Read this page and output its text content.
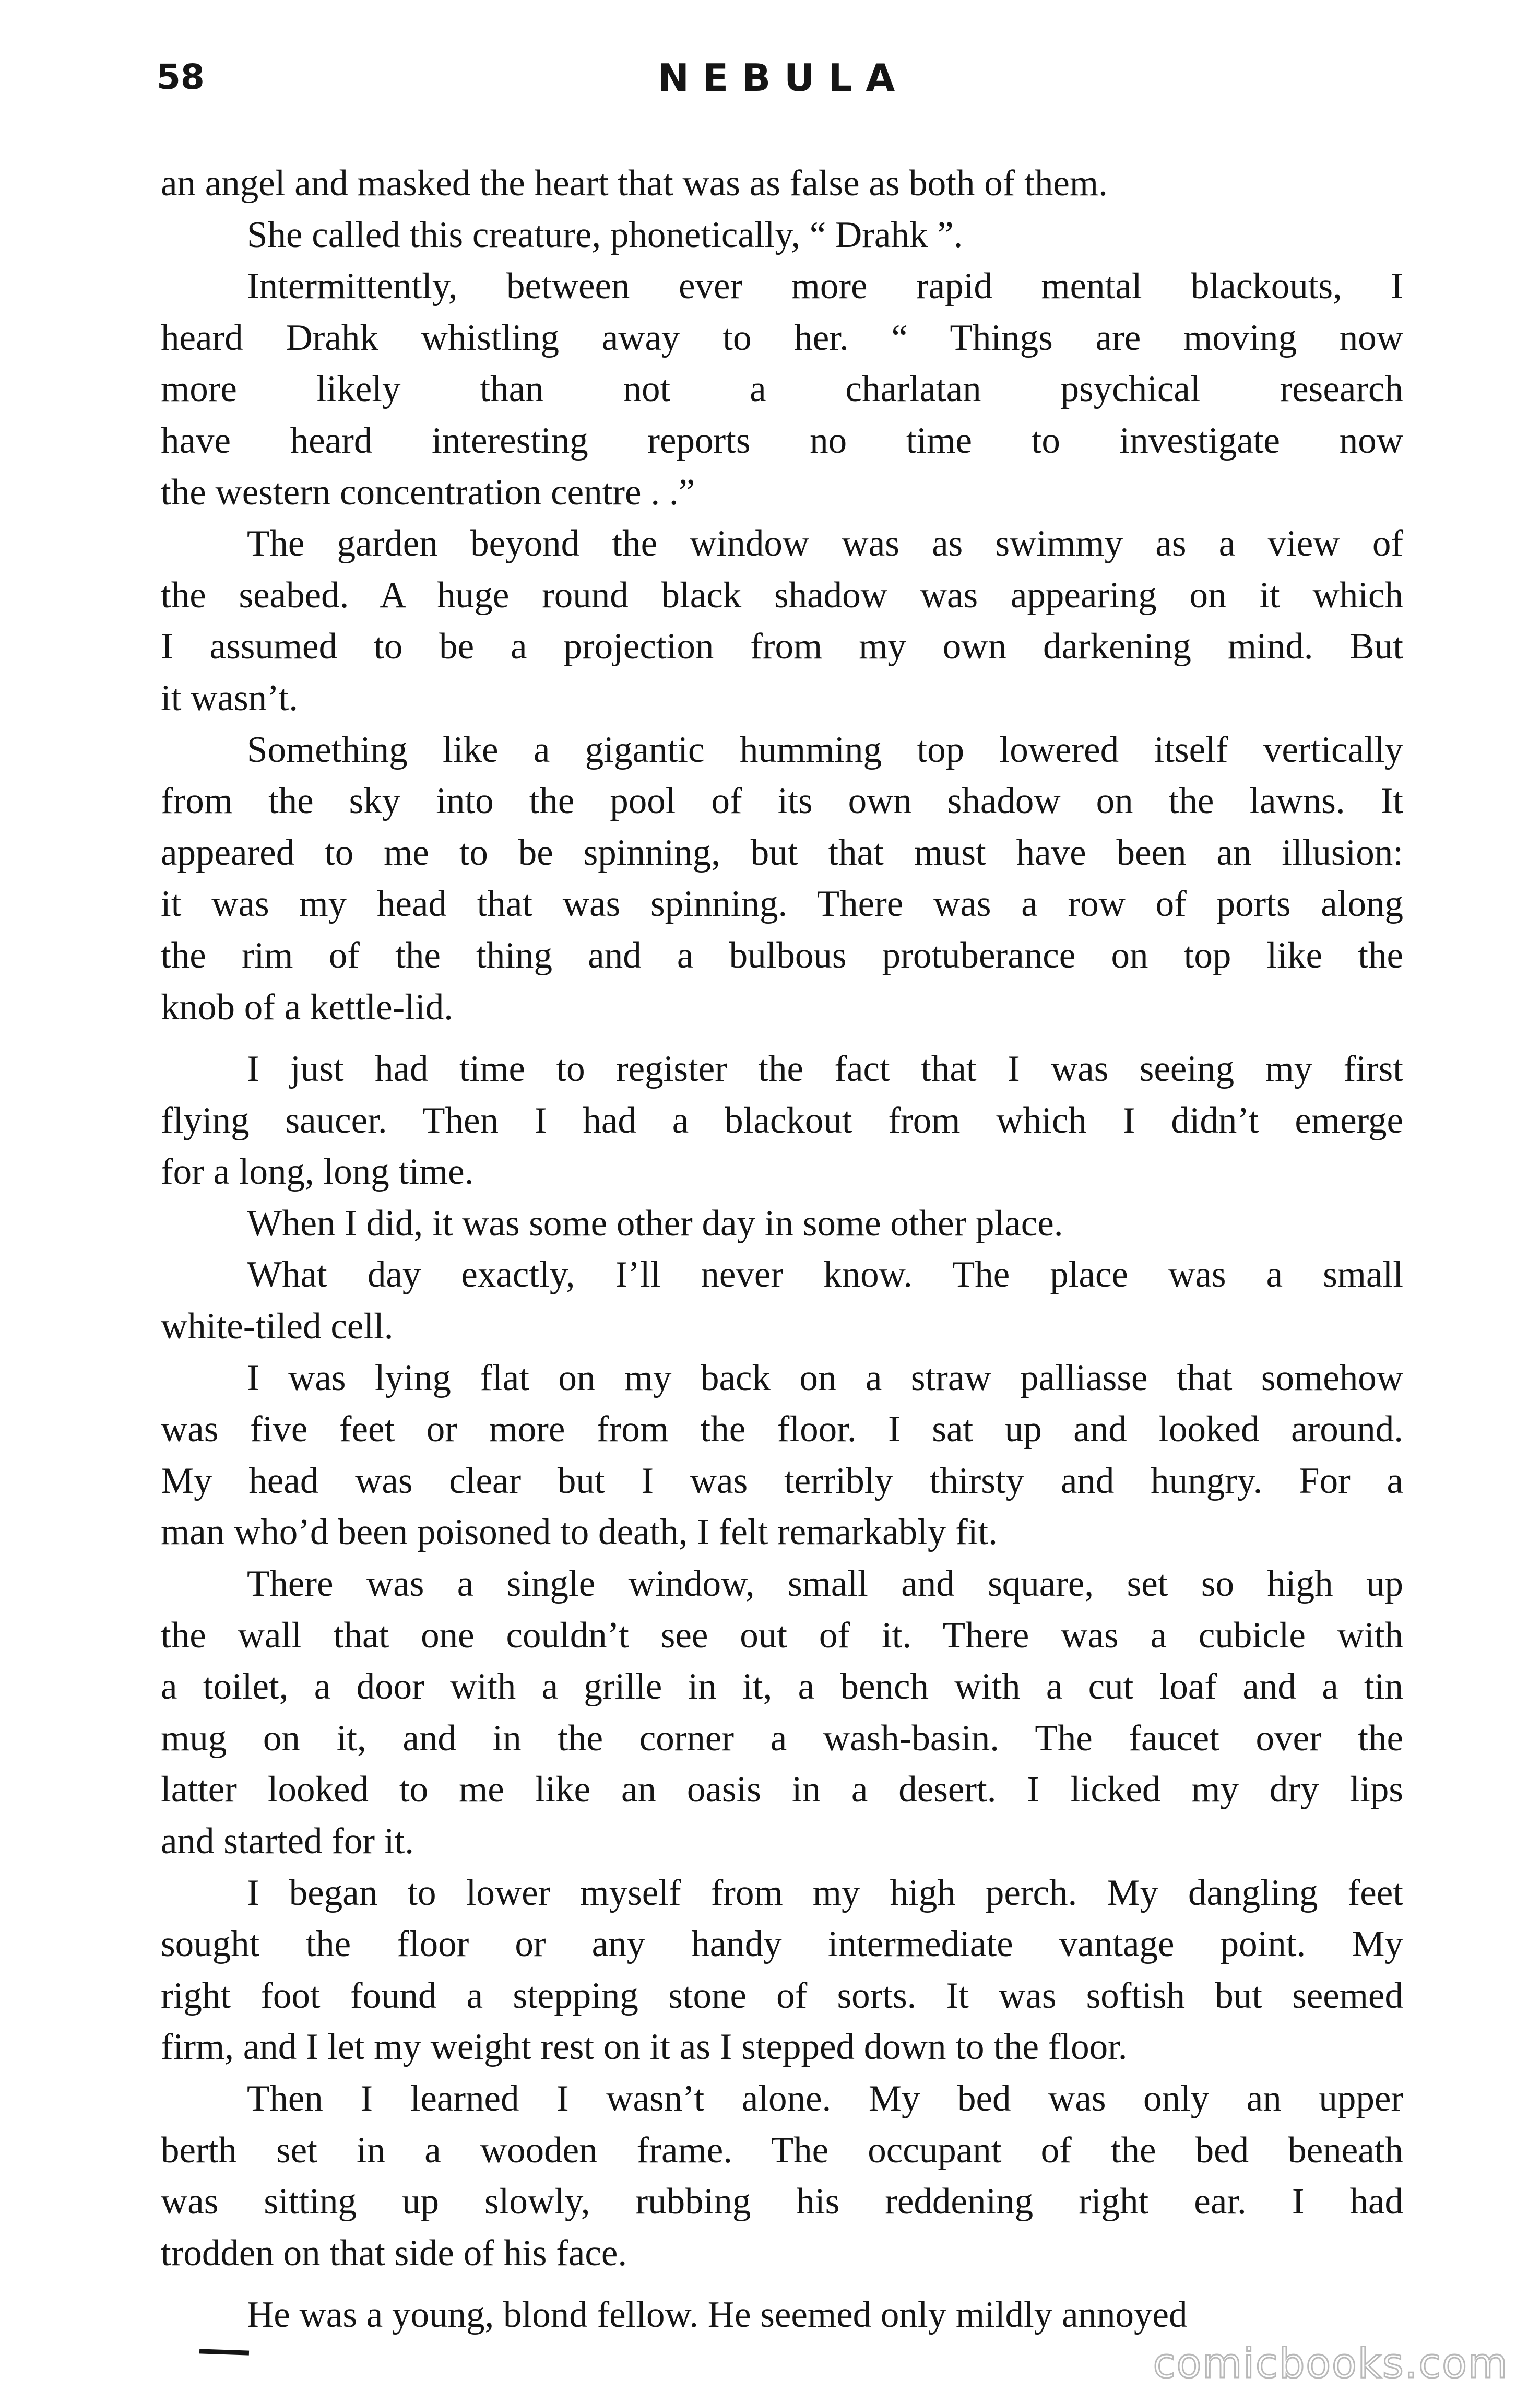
58	NEBULA

an angel and masked the heart that was as false as both of them.

She called this creature, phonetically, “ Drahk ”.

Intermittently, between ever more rapid mental blackouts, I
heard Drahk whistling away to her. “ Things are moving now
more likely than not a charlatan psychical research
have heard interesting reports no time to investigate now
the western concentration centre . .”

The garden beyond the window was as swimmy as a view of
the seabed. A huge round black shadow was appearing on it which
I assumed to be a projection from my own darkening mind. But
it wasn’t.

Something like a gigantic humming top lowered itself vertically
from the sky into the pool of its own shadow on the lawns. It
appeared to me to be spinning, but that must have been an illusion:
it was my head that was spinning. There was a row of ports along
the rim of the thing and a bulbous protuberance on top like the
knob of a kettle-lid.

I just had time to register the fact that I was seeing my first
flying saucer. Then I had a blackout from which I didn’t emerge
for a long, long time.

When I did, it was some other day in some other place.

What day exactly, I’ll never know. The place was a small
white-tiled cell.

I was lying flat on my back on a straw palliasse that somehow
was five feet or more from the floor. I sat up and looked around.
My head was clear but I was terribly thirsty and hungry. For a
man who’d been poisoned to death, I felt remarkably fit.

There was a single window, small and square, set so high up
the wall that one couldn’t see out of it. There was a cubicle with
a toilet, a door with a grille in it, a bench with a cut loaf and a tin
mug on it, and in the corner a wash-basin. The faucet over the
latter looked to me like an oasis in a desert. I licked my dry lips
and started for it.

I began to lower myself from my high perch. My dangling feet
sought the floor or any handy intermediate vantage point. My
right foot found a stepping stone of sorts. It was softish but seemed
firm, and I let my weight rest on it as I stepped down to the floor.

Then I learned I wasn’t alone. My bed was only an upper
berth set in a wooden frame. The occupant of the bed beneath
was sitting up slowly, rubbing his reddening right ear. I had
trodden on that side of his face.

He was a young, blond fellow. He seemed only mildly annoyed

comicbooks.com
